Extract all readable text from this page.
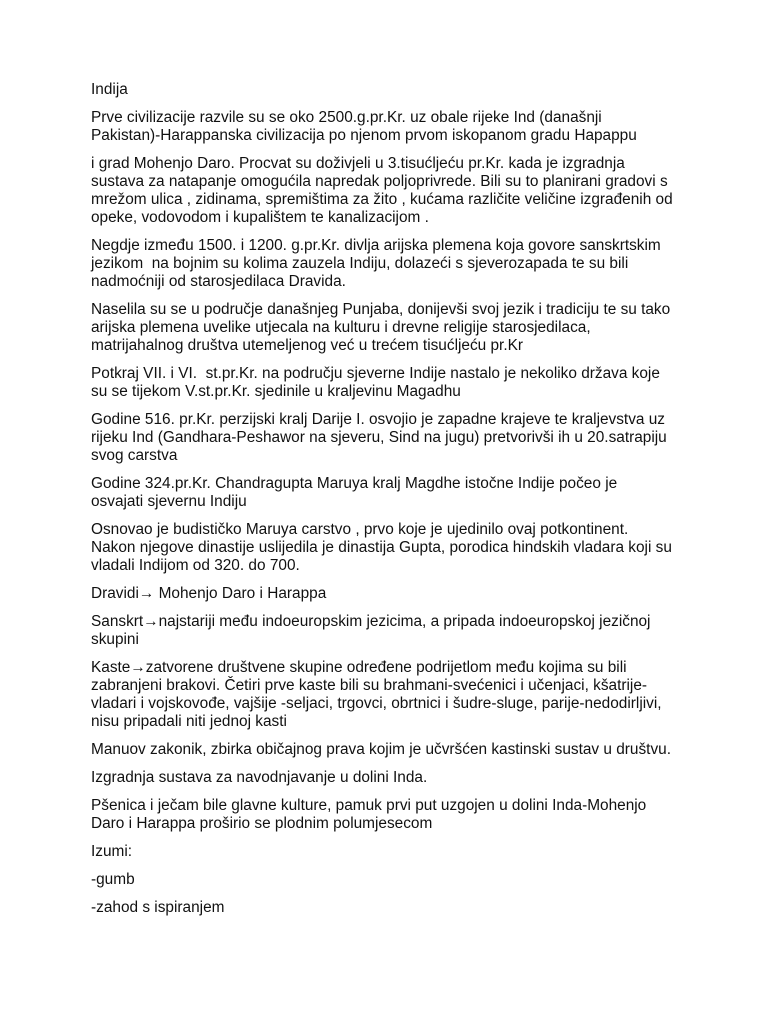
Indija

Prve civilizacije razvile su se oko 2500.g.pr.Kr. uz obale rijeke Ind (današnji
Pakistan)-Harappanska civilizacija po njenom prvom iskopanom gradu Hapappu

i grad Mohenjo Daro. Procvat su doživjeli u 3.tisućljeću pr.Kr. kada je izgradnja
sustava za natapanje omogućila napredak poljoprivrede. Bili su to planirani gradovi s
mrežom ulica , zidinama, spremištima za žito , kućama različite veličine izgrađenih od
opeke, vodovodom i kupalištem te kanalizacijom .

Negdje između 1500. i 1200. g.pr.Kr. divlja arijska plemena koja govore sanskrtskim
jezikom  na bojnim su kolima zauzela Indiju, dolazeći s sjeverozapada te su bili
nadmoćniji od starosjedilaca Dravida.

Naselila su se u područje današnjeg Punjaba, donijevši svoj jezik i tradiciju te su tako
arijska plemena uvelike utjecala na kulturu i drevne religije starosjedilaca,
matrijahalnog društva utemeljenog već u trećem tisućljeću pr.Kr

Potkraj VII. i VI.  st.pr.Kr. na području sjeverne Indije nastalo je nekoliko država koje
su se tijekom V.st.pr.Kr. sjedinile u kraljevinu Magadhu

Godine 516. pr.Kr. perzijski kralj Darije I. osvojio je zapadne krajeve te kraljevstva uz
rijeku Ind (Gandhara-Peshawor na sjeveru, Sind na jugu) pretvorivši ih u 20.satrapiju
svog carstva

Godine 324.pr.Kr. Chandragupta Maruya kralj Magdhe istočne Indije počeo je
osvajati sjevernu Indiju

Osnovao je budističko Maruya carstvo , prvo koje je ujedinilo ovaj potkontinent.
Nakon njegove dinastije uslijedila je dinastija Gupta, porodica hindskih vladara koji su
vladali Indijom od 320. do 700.

Dravidi→ Mohenjo Daro i Harappa

Sanskrt→najstariji među indoeuropskim jezicima, a pripada indoeuropskoj jezičnoj
skupini

Kaste→zatvorene društvene skupine određene podrijetlom među kojima su bili
zabranjeni brakovi. Četiri prve kaste bili su brahmani-svećenici i učenjaci, kšatrije-
vladari i vojskovođe, vajšije -seljaci, trgovci, obrtnici i šudre-sluge, parije-nedodirljivi,
nisu pripadali niti jednoj kasti

Manuov zakonik, zbirka običajnog prava kojim je učvršćen kastinski sustav u društvu.

Izgradnja sustava za navodnjavanje u dolini Inda.

Pšenica i ječam bile glavne kulture, pamuk prvi put uzgojen u dolini Inda-Mohenjo
Daro i Harappa proširio se plodnim polumjesecom

Izumi:

-gumb

-zahod s ispiranjem
